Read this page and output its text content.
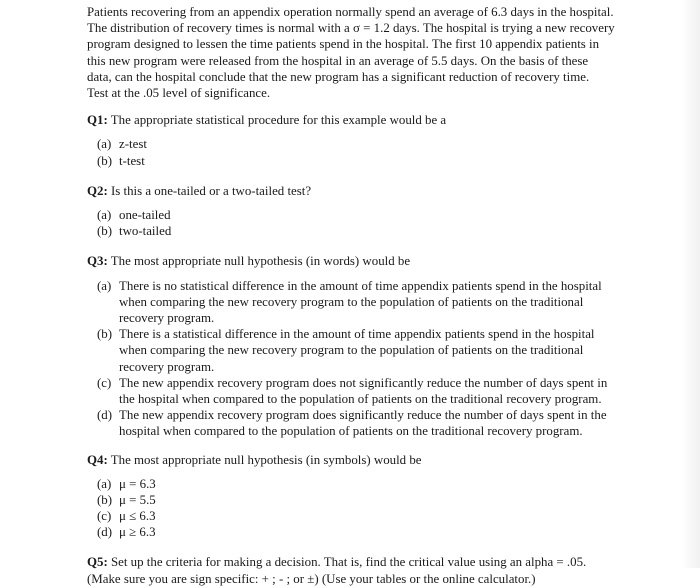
Patients recovering from an appendix operation normally spend an average of 6.3 days in the hospital.

The distribution of recovery times is normal with a σ = 1.2 days. The hospital is trying a new recovery

program designed to lessen the time patients spend in the hospital. The first 10 appendix patients in

this new program were released from the hospital in an average of 5.5 days. On the basis of these

data, can the hospital conclude that the new program has a significant reduction of recovery time.

Test at the .05 level of significance.

Q1: The appropriate statistical procedure for this example would be a

(a) z-test
(b) t-test

Q2: Is this a one-tailed or a two-tailed test?

(a) one-tailed
(b) two-tailed

Q3: The most appropriate null hypothesis (in words) would be

(a) There is no statistical difference in the amount of time appendix patients spend in the hospital
when comparing the new recovery program to the population of patients on the traditional
recovery program.
(b) There is a statistical difference in the amount of time appendix patients spend in the hospital
when comparing the new recovery program to the population of patients on the traditional
recovery program.
(c) The new appendix recovery program does not significantly reduce the number of days spent in
the hospital when compared to the population of patients on the traditional recovery program.
(d) The new appendix recovery program does significantly reduce the number of days spent in the
hospital when compared to the population of patients on the traditional recovery program.

Q4: The most appropriate null hypothesis (in symbols) would be

(a) μ = 6.3
(b) μ = 5.5
(c) μ ≤ 6.3
(d) μ ≥ 6.3

Q5: Set up the criteria for making a decision. That is, find the critical value using an alpha = .05.

(Make sure you are sign specific: + ; - ; or ±) (Use your tables or the online calculator.)
